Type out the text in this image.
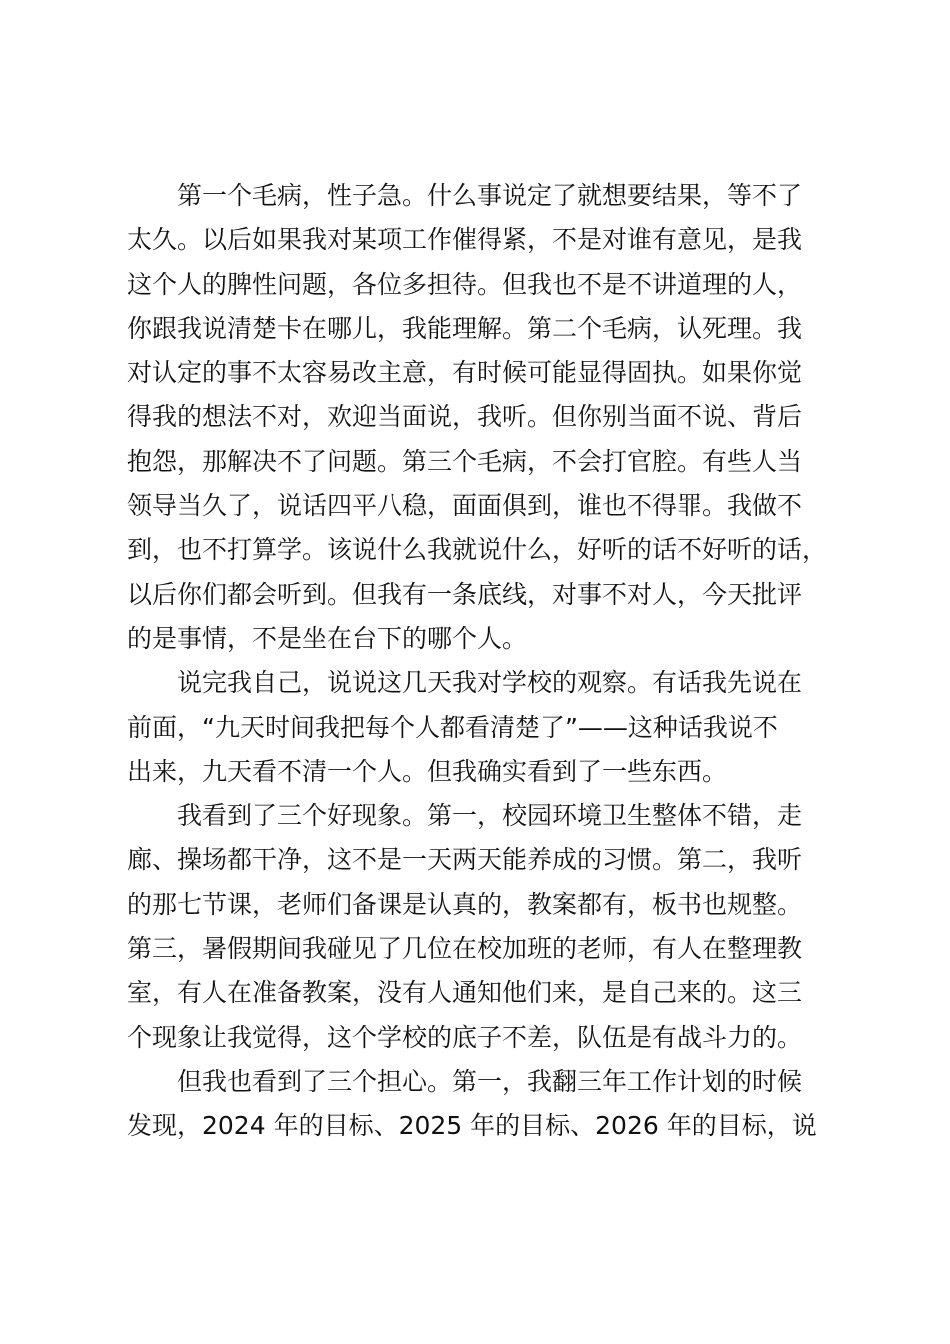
第一个毛病，性子急。什么事说定了就想要结果，等不了
太久。以后如果我对某项工作催得紧，不是对谁有意见，是我
这个人的脾性问题，各位多担待。但我也不是不讲道理的人，
你跟我说清楚卡在哪儿，我能理解。第二个毛病，认死理。我
对认定的事不太容易改主意，有时候可能显得固执。如果你觉
得我的想法不对，欢迎当面说，我听。但你别当面不说、背后
抱怨，那解决不了问题。第三个毛病，不会打官腔。有些人当
领导当久了，说话四平八稳，面面俱到，谁也不得罪。我做不
到，也不打算学。该说什么我就说什么，好听的话不好听的话，
以后你们都会听到。但我有一条底线，对事不对人，今天批评
的是事情，不是坐在台下的哪个人。
说完我自己，说说这几天我对学校的观察。有话我先说在
前面，“九天时间我把每个人都看清楚了”——这种话我说不
出来，九天看不清一个人。但我确实看到了一些东西。
我看到了三个好现象。第一，校园环境卫生整体不错，走
廊、操场都干净，这不是一天两天能养成的习惯。第二，我听
的那七节课，老师们备课是认真的，教案都有，板书也规整。
第三，暑假期间我碰见了几位在校加班的老师，有人在整理教
室，有人在准备教案，没有人通知他们来，是自己来的。这三
个现象让我觉得，这个学校的底子不差，队伍是有战斗力的。
但我也看到了三个担心。第一，我翻三年工作计划的时候
发现，2024 年的目标、2025 年的目标、2026 年的目标，说
